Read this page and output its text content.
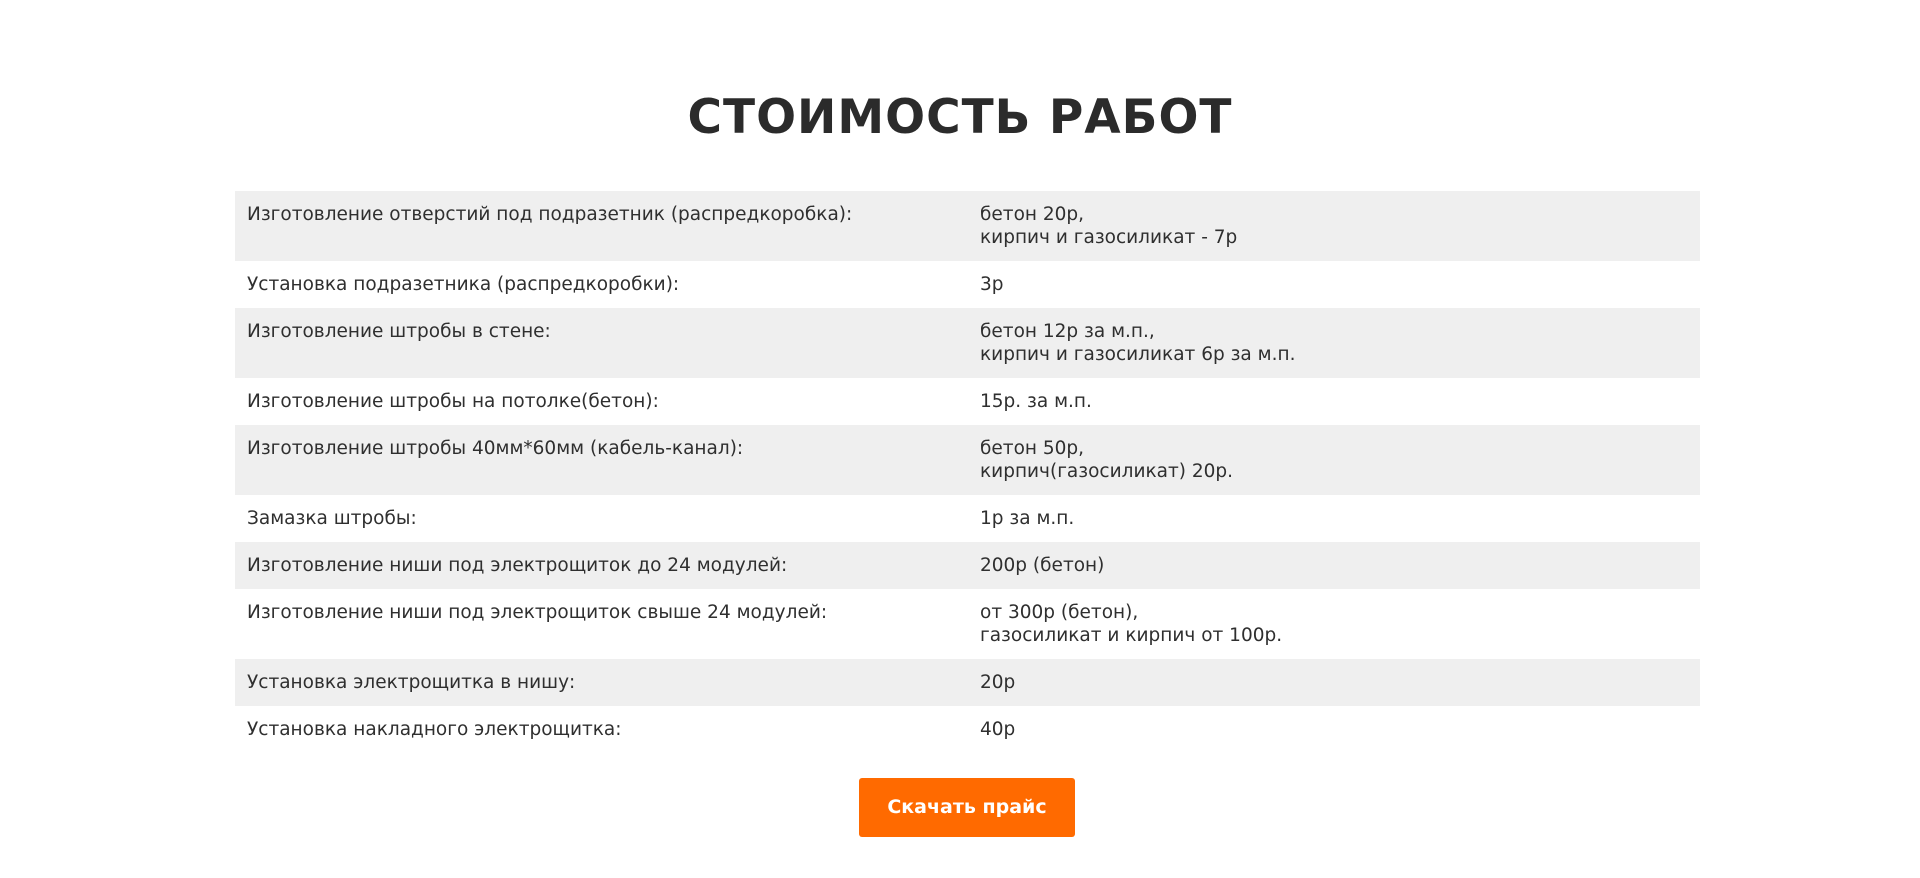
СТОИМОСТЬ РАБОТ
Изготовление отверстий под подразетник (распредкоробка):	бетон 20р,
кирпич и газосиликат - 7р
Установка подразетника (распредкоробки):	3р
Изготовление штробы в стене:	бетон 12р за м.п.,
кирпич и газосиликат 6р за м.п.
Изготовление штробы на потолке(бетон):	15р. за м.п.
Изготовление штробы 40мм*60мм (кабель-канал):	бетон 50р,
кирпич(газосиликат) 20р.
Замазка штробы:	1р за м.п.
Изготовление ниши под электрощиток до 24 модулей:	200р (бетон)
Изготовление ниши под электрощиток свыше 24 модулей:	от 300р (бетон),
газосиликат и кирпич от 100р.
Установка электрощитка в нишу:	20р
Установка накладного электрощитка:	40р
Скачать прайс
